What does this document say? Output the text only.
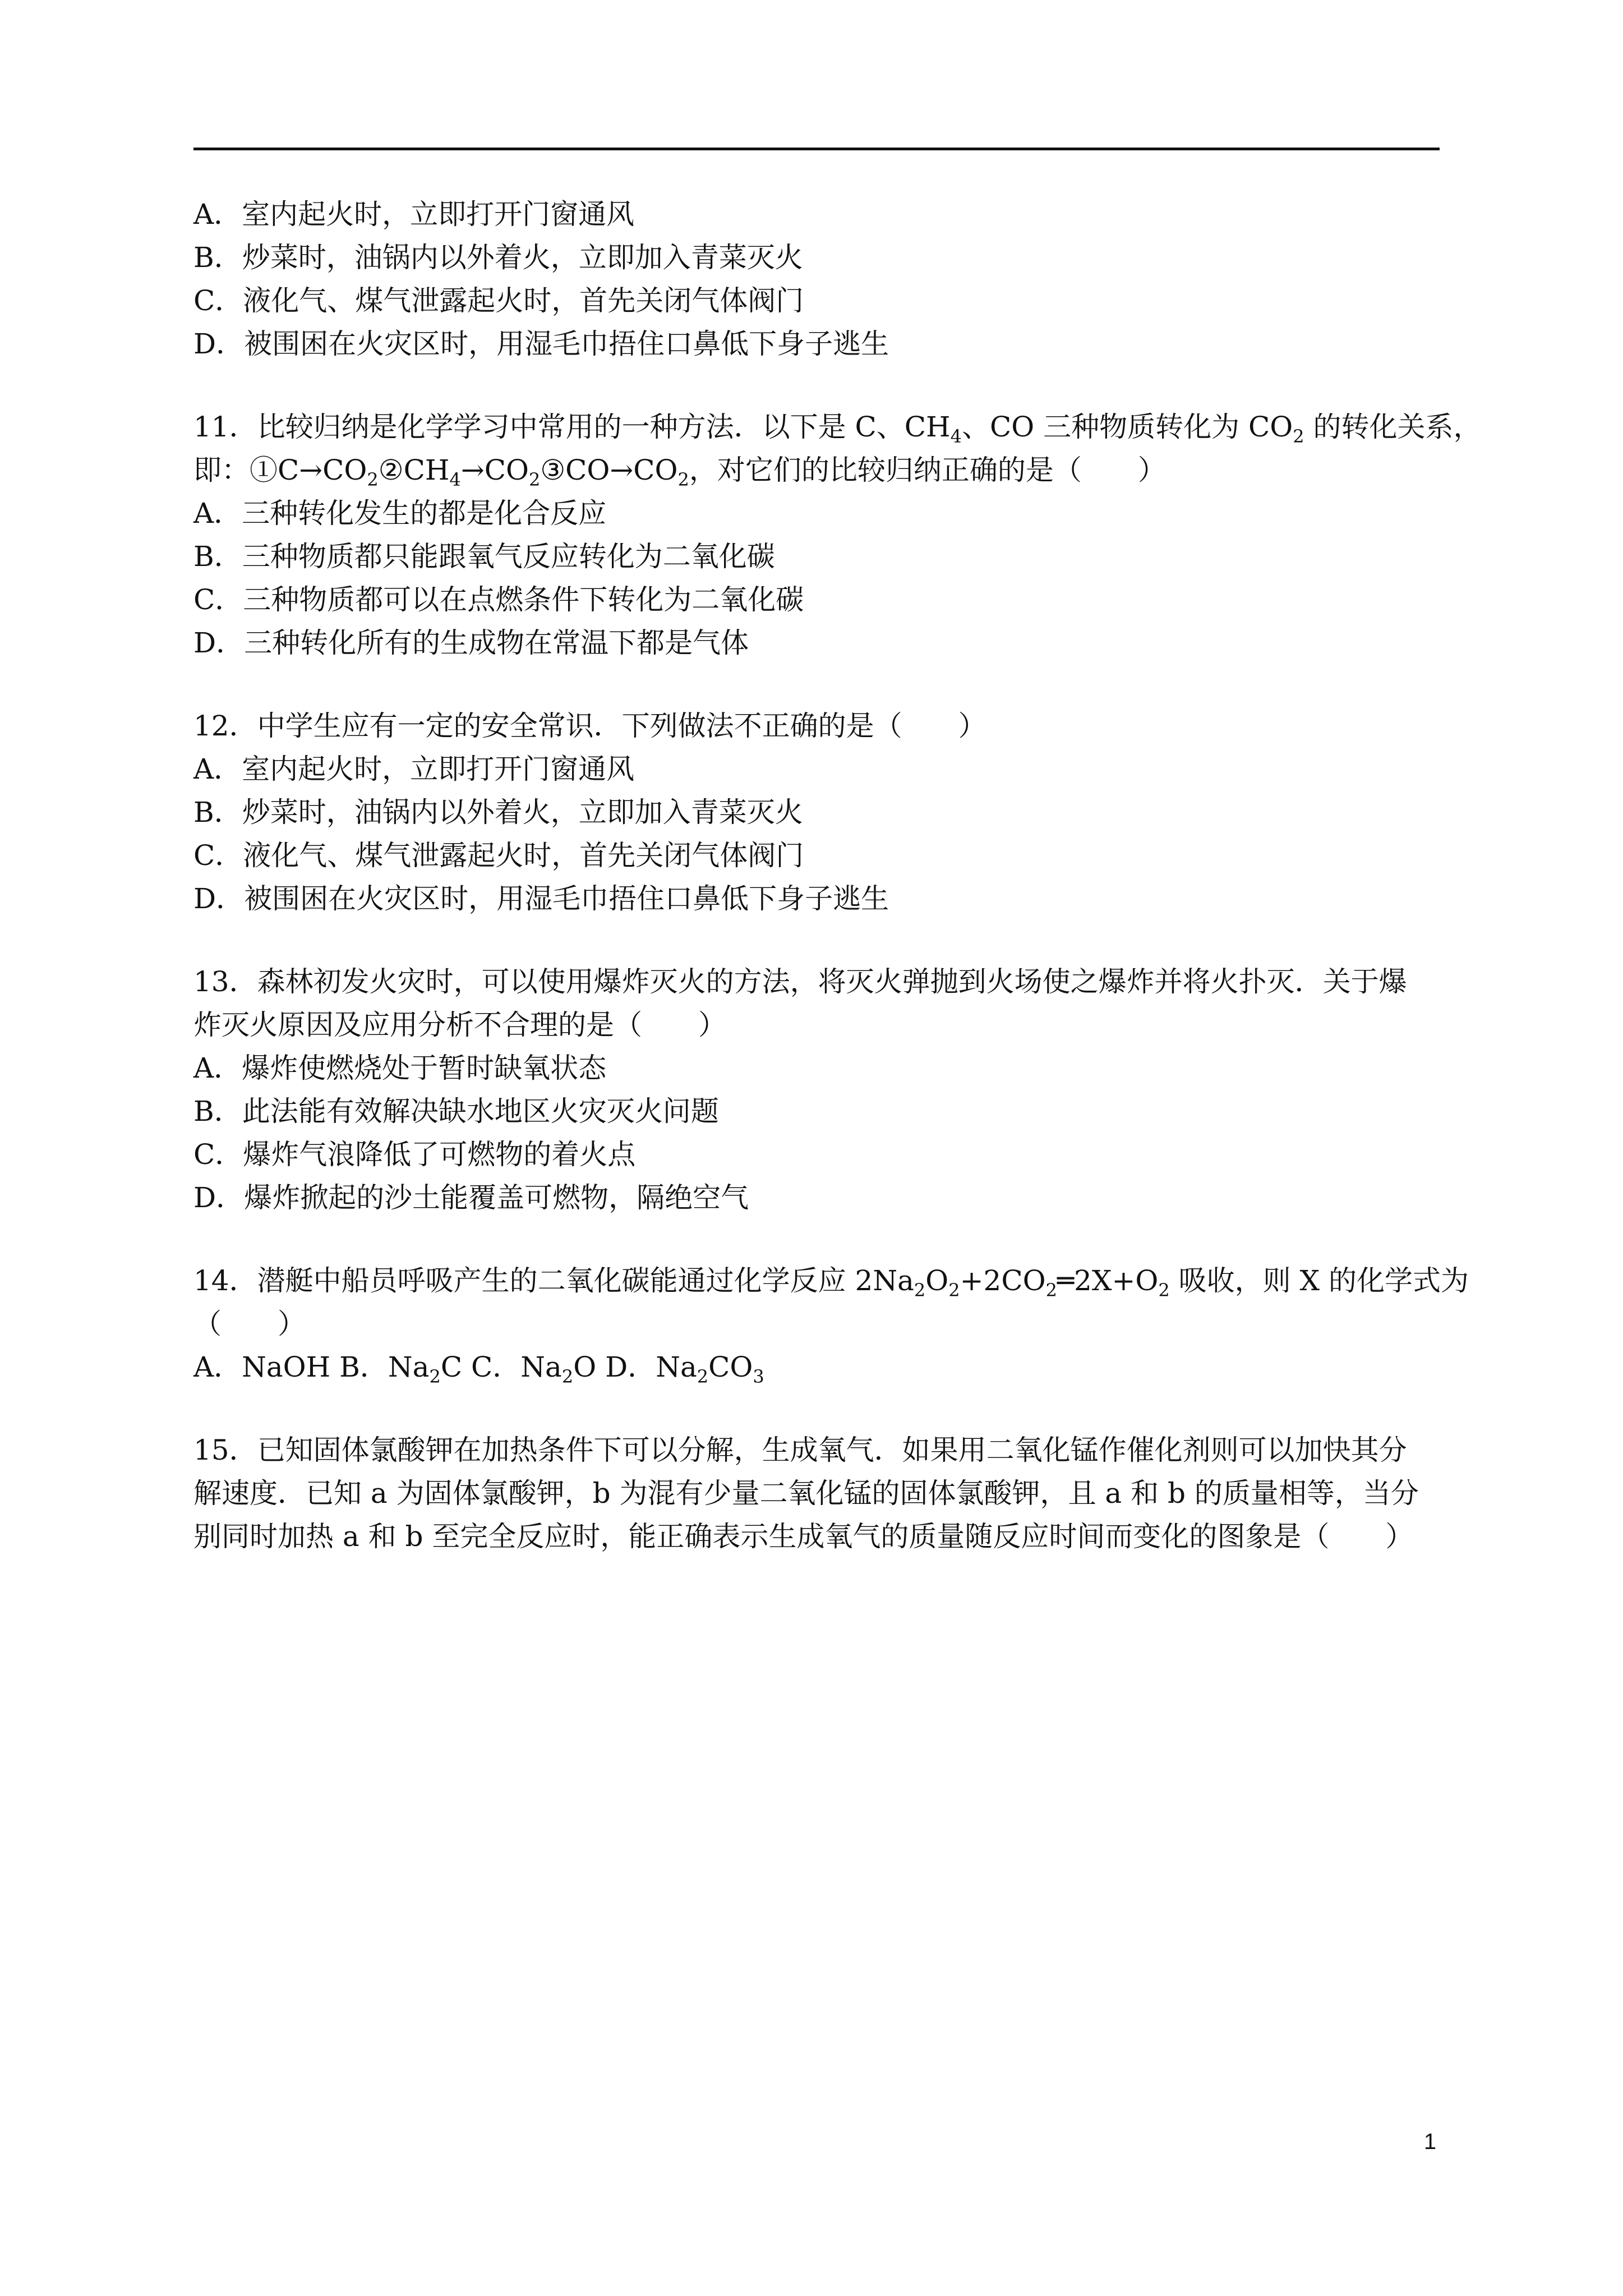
A．室内起火时，立即打开门窗通风
B．炒菜时，油锅内以外着火，立即加入青菜灭火
C．液化气、煤气泄露起火时，首先关闭气体阀门
D．被围困在火灾区时，用湿毛巾捂住口鼻低下身子逃生
11．比较归纳是化学学习中常用的一种方法．以下是 C、$CH_4$、CO 三种物质转化为 $CO_2$ 的转化关系，
即：$①C\to CO_2②CH_4\to CO_2③CO\to CO_2$，对它们的比较归纳正确的是（　　）
A．三种转化发生的都是化合反应
B．三种物质都只能跟氧气反应转化为二氧化碳
C．三种物质都可以在点燃条件下转化为二氧化碳
D．三种转化所有的生成物在常温下都是气体
12．中学生应有一定的安全常识．下列做法不正确的是（　　）
A．室内起火时，立即打开门窗通风
B．炒菜时，油锅内以外着火，立即加入青菜灭火
C．液化气、煤气泄露起火时，首先关闭气体阀门
D．被围困在火灾区时，用湿毛巾捂住口鼻低下身子逃生
13．森林初发火灾时，可以使用爆炸灭火的方法，将灭火弹抛到火场使之爆炸并将火扑灭．关于爆
炸灭火原因及应用分析不合理的是（　　）
A．爆炸使燃烧处于暂时缺氧状态
B．此法能有效解决缺水地区火灾灭火问题
C．爆炸气浪降低了可燃物的着火点
D．爆炸掀起的沙土能覆盖可燃物，隔绝空气
14．潜艇中船员呼吸产生的二氧化碳能通过化学反应 $2Na_2O_2+2CO_2═2X+O_2$ 吸收，则 X 的化学式为
（　　）
A．NaOH B．$Na_2C$ C．$Na_2O$ D．$Na_2CO_3$
15．已知固体氯酸钾在加热条件下可以分解，生成氧气．如果用二氧化锰作催化剂则可以加快其分
解速度．已知 a 为固体氯酸钾，b 为混有少量二氧化锰的固体氯酸钾，且 a 和 b 的质量相等，当分
别同时加热 a 和 b 至完全反应时，能正确表示生成氧气的质量随反应时间而变化的图象是（　　）
1
